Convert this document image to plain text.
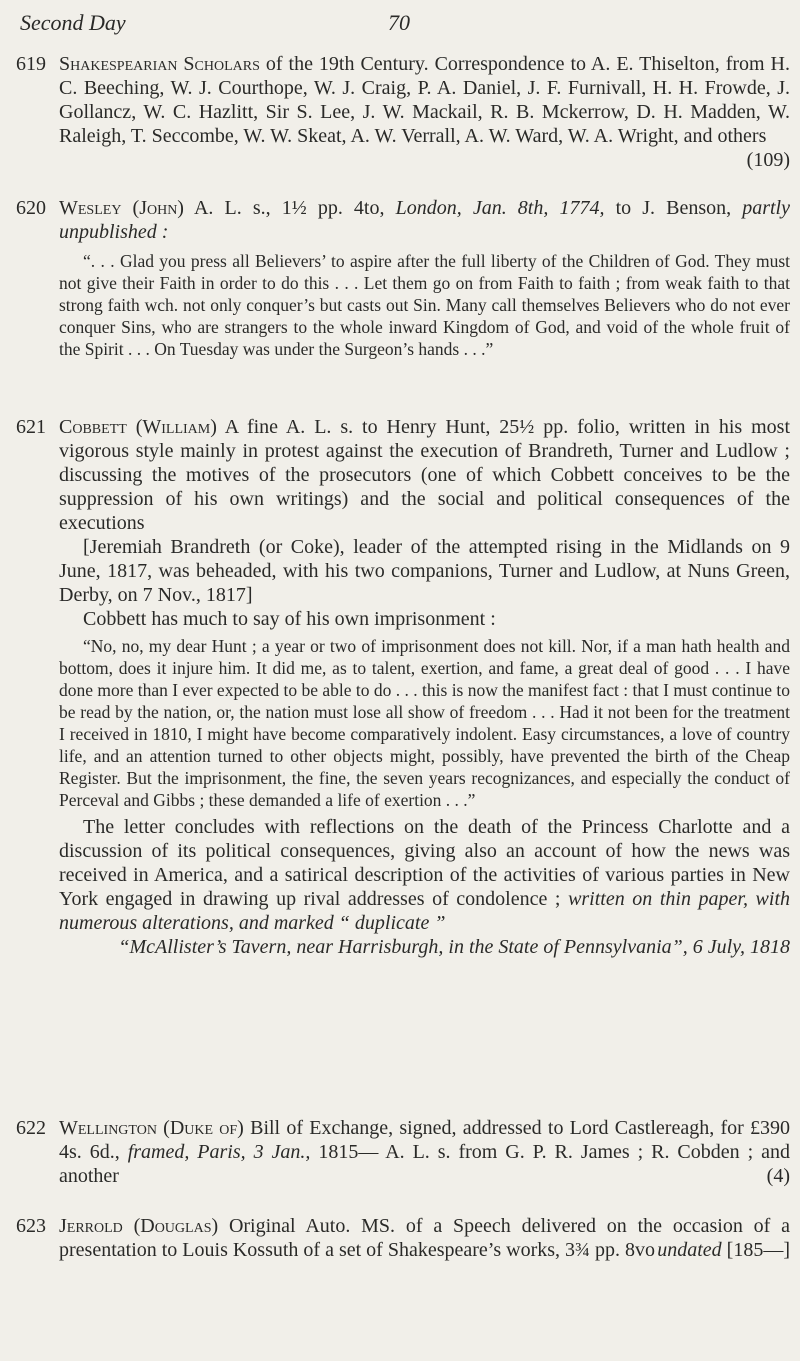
Second Day	70
619 Shakespearian Scholars of the 19th Century. Correspondence to A. E. Thiselton, from H. C. Beeching, W. J. Courthope, W. J. Craig, P. A. Daniel, J. F. Furnivall, H. H. Frowde, J. Gollancz, W. C. Hazlitt, Sir S. Lee, J. W. Mackail, R. B. Mckerrow, D. H. Madden, W. Raleigh, T. Seccombe, W. W. Skeat, A. W. Verrall, A. W. Ward, W. A. Wright, and others
(109)

620 Wesley (John) A. L. s., 1½ pp. 4to, London, Jan. 8th, 1774, to J. Benson, partly unpublished :

“. . . Glad you press all Believers’ to aspire after the full liberty of the Children of God. They must not give their Faith in order to do this . . . Let them go on from Faith to faith ; from weak faith to that strong faith wch. not only conquer’s but casts out Sin. Many call themselves Believers who do not ever conquer Sins, who are strangers to the whole inward Kingdom of God, and void of the whole fruit of the Spirit . . . On Tuesday was under the Surgeon’s hands . . .”

621 Cobbett (William) A fine A. L. s. to Henry Hunt, 25½ pp. folio, written in his most vigorous style mainly in protest against the execution of Brandreth, Turner and Ludlow ; discussing the motives of the prosecutors (one of which Cobbett conceives to be the suppression of his own writings) and the social and political consequences of the executions

[Jeremiah Brandreth (or Coke), leader of the attempted rising in the Midlands on 9 June, 1817, was beheaded, with his two companions, Turner and Ludlow, at Nuns Green, Derby, on 7 Nov., 1817]

Cobbett has much to say of his own imprisonment :

“No, no, my dear Hunt ; a year or two of imprisonment does not kill. Nor, if a man hath health and bottom, does it injure him. It did me, as to talent, exertion, and fame, a great deal of good . . . I have done more than I ever expected to be able to do . . . this is now the manifest fact : that I must continue to be read by the nation, or, the nation must lose all show of freedom . . . Had it not been for the treatment I received in 1810, I might have become comparatively indolent. Easy circumstances, a love of country life, and an attention turned to other objects might, possibly, have prevented the birth of the Cheap Register. But the imprisonment, the fine, the seven years recognizances, and especially the conduct of Perceval and Gibbs ; these demanded a life of exertion . . .”

The letter concludes with reflections on the death of the Princess Charlotte and a discussion of its political consequences, giving also an account of how the news was received in America, and a satirical description of the activities of various parties in New York engaged in drawing up rival addresses of condolence ; written on thin paper, with numerous alterations, and marked “ duplicate ”

“McAllister’s Tavern, near Harrisburgh, in the State of Pennsylvania”, 6 July, 1818

622 Wellington (Duke of) Bill of Exchange, signed, addressed to Lord Castlereagh, for £390 4s. 6d., framed, Paris, 3 Jan., 1815— A. L. s. from G. P. R. James ; R. Cobden ; and another	(4)

623 Jerrold (Douglas) Original Auto. MS. of a Speech delivered on the occasion of a presentation to Louis Kossuth of a set of Shakespeare’s works, 3¾ pp. 8vo undated [185—]
